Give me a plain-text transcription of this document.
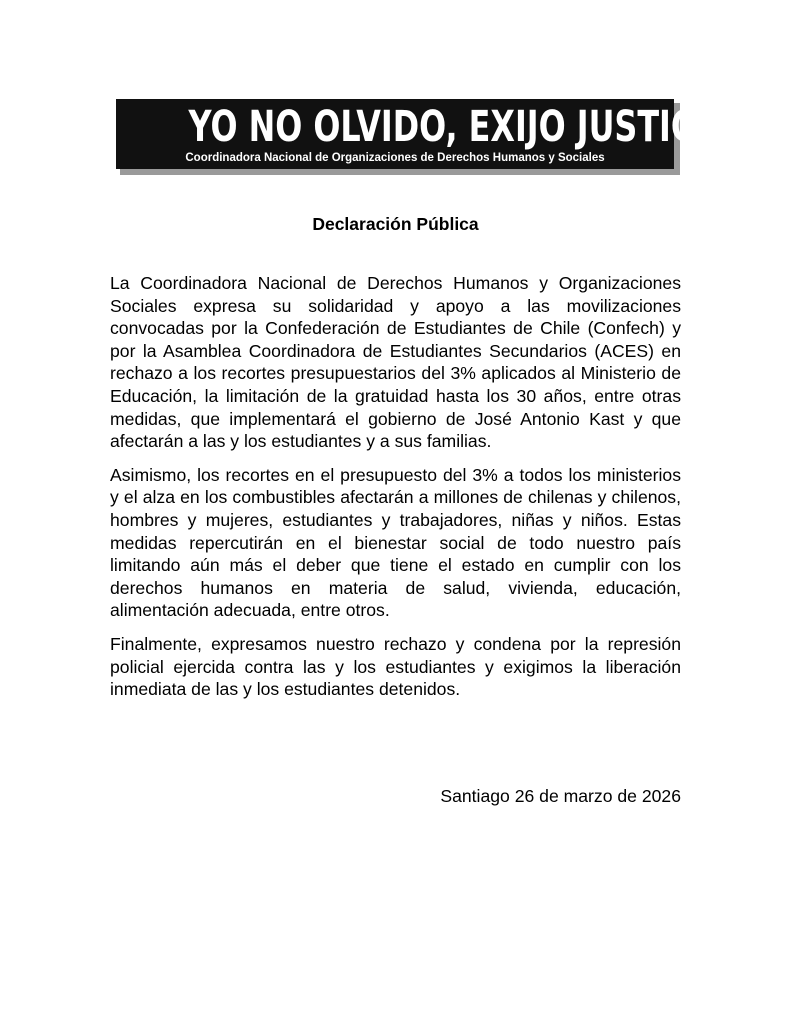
YO NO OLVIDO, EXIJO JUSTICIA
Coordinadora Nacional de Organizaciones de Derechos Humanos y Sociales
Declaración Pública

La Coordinadora Nacional de Derechos Humanos y Organizaciones Sociales expresa su solidaridad y apoyo a las movilizaciones convocadas por la Confederación de Estudiantes de Chile (Confech) y por la Asamblea Coordinadora de Estudiantes Secundarios (ACES) en rechazo a los recortes presupuestarios del 3% aplicados al Ministerio de Educación, la limitación de la gratuidad hasta los 30 años, entre otras medidas, que implementará el gobierno de José Antonio Kast y que afectarán a las y los estudiantes y a sus familias.

Asimismo, los recortes en el presupuesto del 3% a todos los ministerios y el alza en los combustibles afectarán a millones de chilenas y chilenos, hombres y mujeres, estudiantes y trabajadores, niñas y niños. Estas medidas repercutirán en el bienestar social de todo nuestro país limitando aún más el deber que tiene el estado en cumplir con los derechos humanos en materia de salud, vivienda, educación, alimentación adecuada, entre otros.

Finalmente, expresamos nuestro rechazo y condena por la represión policial ejercida contra las y los estudiantes y exigimos la liberación inmediata de las y los estudiantes detenidos.

Santiago 26 de marzo de 2026
